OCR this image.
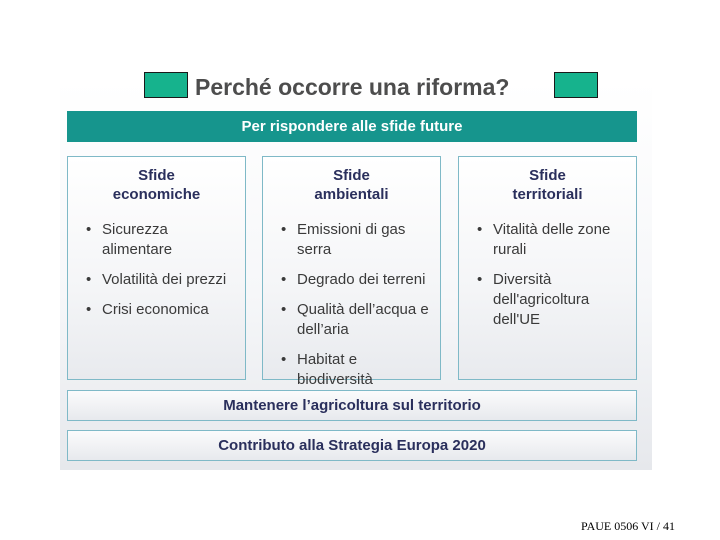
Perché occorre una riforma?
Per rispondere alle sfide future
Sfide
economiche
• Sicurezza alimentare
• Volatilità dei prezzi
• Crisi economica
Sfide
ambientali
• Emissioni di gas serra
• Degrado dei terreni
• Qualità dell’acqua e dell’aria
• Habitat e biodiversità
Sfide
territoriali
• Vitalità delle zone rurali
• Diversità dell'agricoltura dell'UE
Mantenere l’agricoltura sul territorio
Contributo alla Strategia Europa 2020
PAUE 0506 VI / 41
